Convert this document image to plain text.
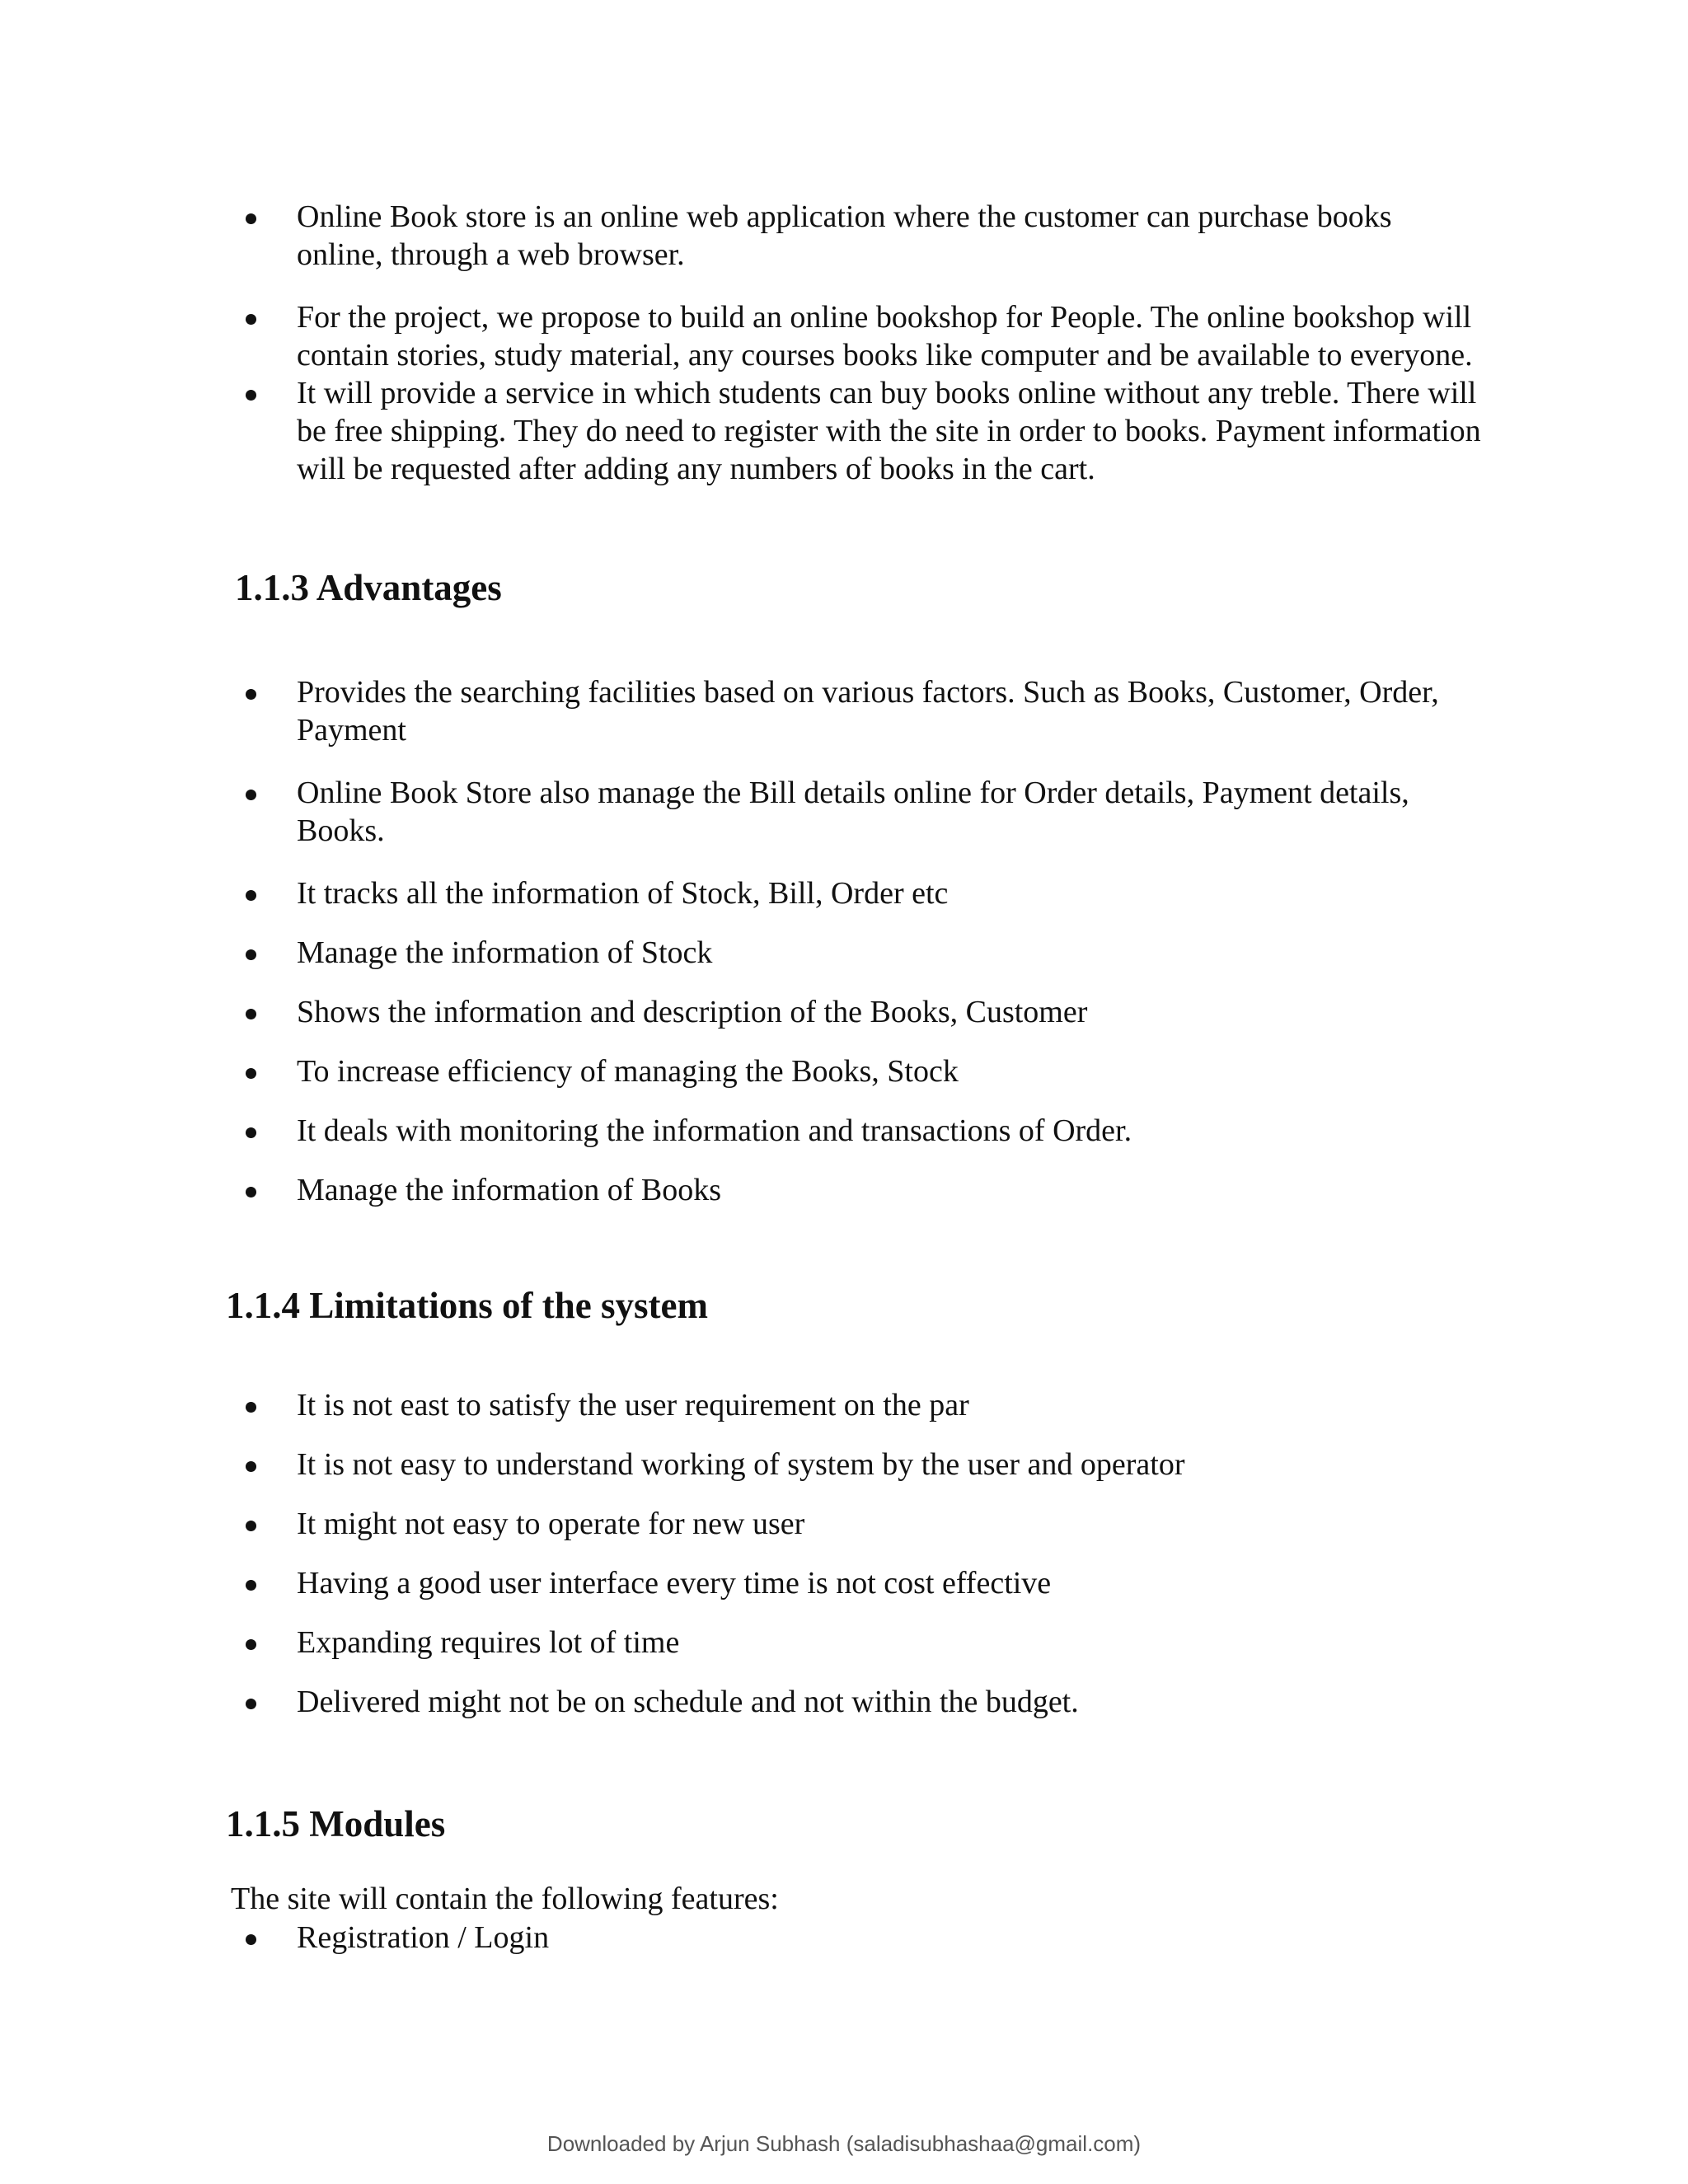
Online Book store is an online web application where the customer can purchase books online, through a web browser.
For the project, we propose to build an online bookshop for People. The online bookshop will contain stories, study material, any courses books like computer and be available to everyone.
It will provide a service in which students can buy books online without any treble. There will be free shipping. They do need to register with the site in order to books. Payment information will be requested after adding any numbers of books in the cart.
1.1.3 Advantages
Provides the searching facilities based on various factors. Such as Books, Customer, Order, Payment
Online Book Store also manage the Bill details online for Order details, Payment details, Books.
It tracks all the information of Stock, Bill, Order etc
Manage the information of Stock
Shows the information and description of the Books, Customer
To increase efficiency of managing the Books, Stock
It deals with monitoring the information and transactions of Order.
Manage the information of Books
1.1.4 Limitations of the system
It is not east to satisfy the user requirement on the par
It is not easy to understand working of system by the user and operator
It might not easy to operate for new user
Having a good user interface every time is not cost effective
Expanding requires lot of time
Delivered might not be on schedule and not within the budget.
1.1.5 Modules

The site will contain the following features:

Registration / Login
Downloaded by Arjun Subhash (saladisubhashaa@gmail.com)
